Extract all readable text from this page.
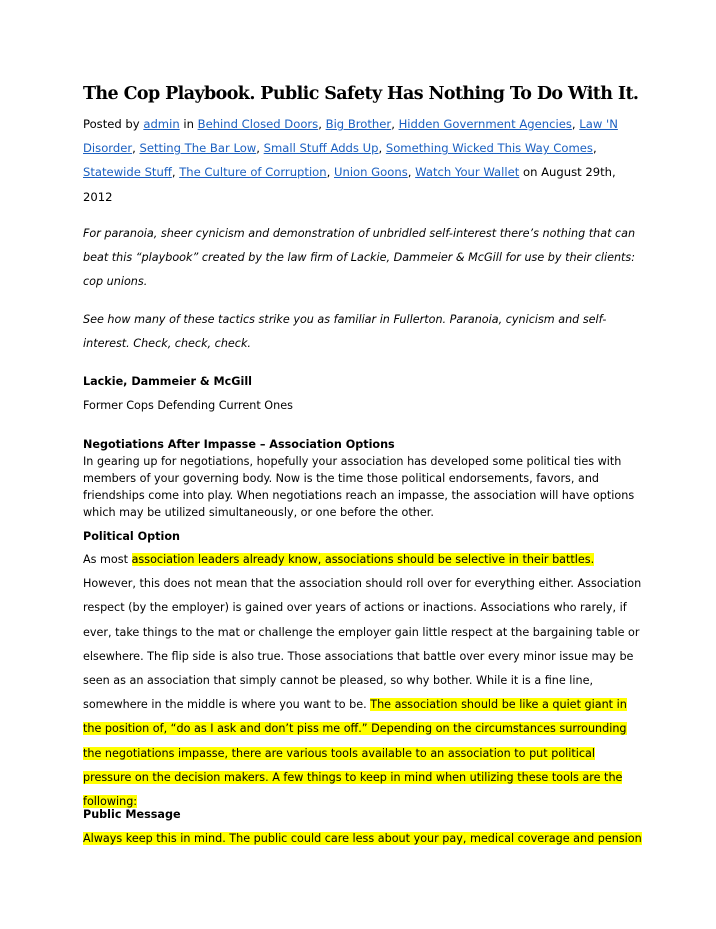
The Cop Playbook. Public Safety Has Nothing To Do With It.
Posted by admin in Behind Closed Doors, Big Brother, Hidden Government Agencies, Law 'N Disorder, Setting The Bar Low, Small Stuff Adds Up, Something Wicked This Way Comes, Statewide Stuff, The Culture of Corruption, Union Goons, Watch Your Wallet on August 29th, 2012

For paranoia, sheer cynicism and demonstration of unbridled self-interest there’s nothing that can beat this “playbook” created by the law firm of Lackie, Dammeier & McGill for use by their clients: cop unions.

See how many of these tactics strike you as familiar in Fullerton. Paranoia, cynicism and self-interest. Check, check, check.

Lackie, Dammeier & McGill

Former Cops Defending Current Ones

Negotiations After Impasse – Association Options

In gearing up for negotiations, hopefully your association has developed some political ties with members of your governing body. Now is the time those political endorsements, favors, and friendships come into play. When negotiations reach an impasse, the association will have options which may be utilized simultaneously, or one before the other.

Political Option

As most association leaders already know, associations should be selective in their battles. However, this does not mean that the association should roll over for everything either. Association respect (by the employer) is gained over years of actions or inactions. Associations who rarely, if ever, take things to the mat or challenge the employer gain little respect at the bargaining table or elsewhere. The flip side is also true. Those associations that battle over every minor issue may be seen as an association that simply cannot be pleased, so why bother. While it is a fine line, somewhere in the middle is where you want to be. The association should be like a quiet giant in the position of, “do as I ask and don’t piss me off.” Depending on the circumstances surrounding the negotiations impasse, there are various tools available to an association to put political pressure on the decision makers. A few things to keep in mind when utilizing these tools are the following:

Public Message

Always keep this in mind. The public could care less about your pay, medical coverage and pension
